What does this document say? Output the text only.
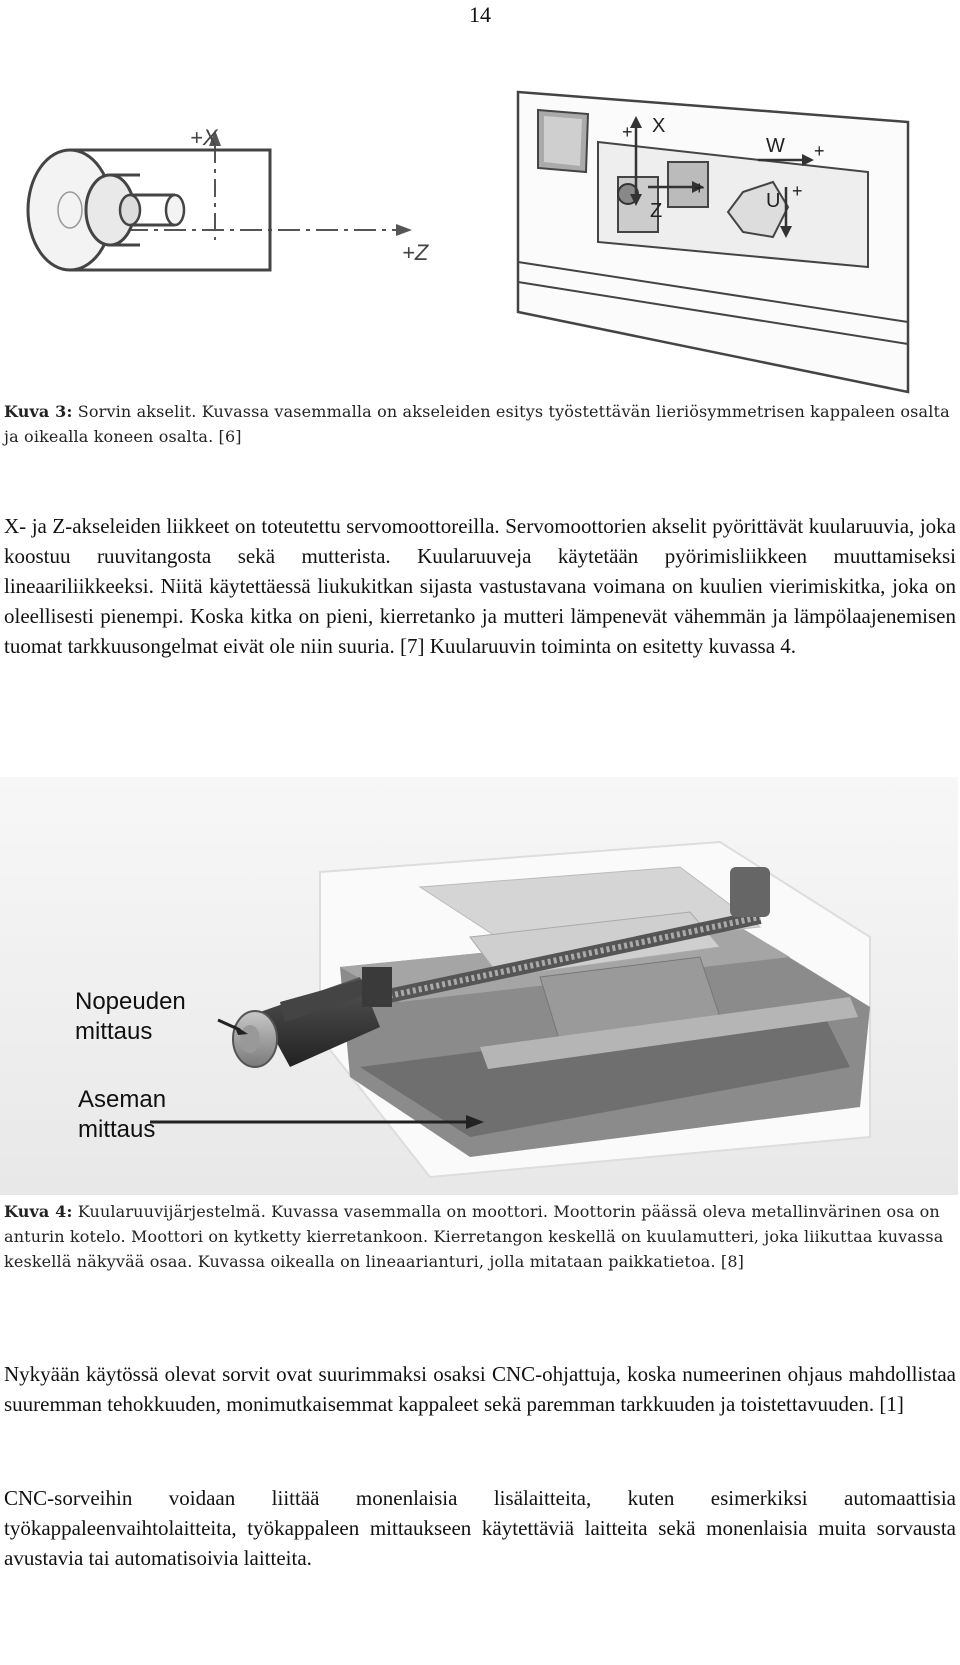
14
+X
+Z
X
+
Z
+
W +
U +
Kuva 3: Sorvin akselit. Kuvassa vasemmalla on akseleiden esitys työstettävän lieriösymmetrisen kappaleen osalta ja oikealla koneen osalta. [6]

X- ja Z-akseleiden liikkeet on toteutettu servomoottoreilla. Servomoottorien akselit pyörittävät kuularuuvia, joka koostuu ruuvitangosta sekä mutterista. Kuularuuveja käytetään pyörimisliikkeen muuttamiseksi lineaariliikkeeksi. Niitä käytettäessä liukukitkan sijasta vastustavana voimana on kuulien vierimiskitka, joka on oleellisesti pienempi. Koska kitka on pieni, kierretanko ja mutteri lämpenevät vähemmän ja lämpölaajenemisen tuomat tarkkuusongelmat eivät ole niin suuria. [7] Kuularuuvin toiminta on esitetty kuvassa 4.

Nopeuden
mittaus
Aseman
mittaus
Kuva 4: Kuularuuvijärjestelmä. Kuvassa vasemmalla on moottori. Moottorin päässä oleva metallinvärinen osa on anturin kotelo. Moottori on kytketty kierretankoon. Kierretangon keskellä on kuulamutteri, joka liikuttaa kuvassa keskellä näkyvää osaa. Kuvassa oikealla on lineaarianturi, jolla mitataan paikkatietoa. [8]

Nykyään käytössä olevat sorvit ovat suurimmaksi osaksi CNC-ohjattuja, koska numeerinen ohjaus mahdollistaa suuremman tehokkuuden, monimutkaisemmat kappaleet sekä paremman tarkkuuden ja toistettavuuden. [1]

CNC-sorveihin voidaan liittää monenlaisia lisälaitteita, kuten esimerkiksi automaattisia työkappaleenvaihtolaitteita, työkappaleen mittaukseen käytettäviä laitteita sekä monenlaisia muita sorvausta avustavia tai automatisoivia laitteita.
